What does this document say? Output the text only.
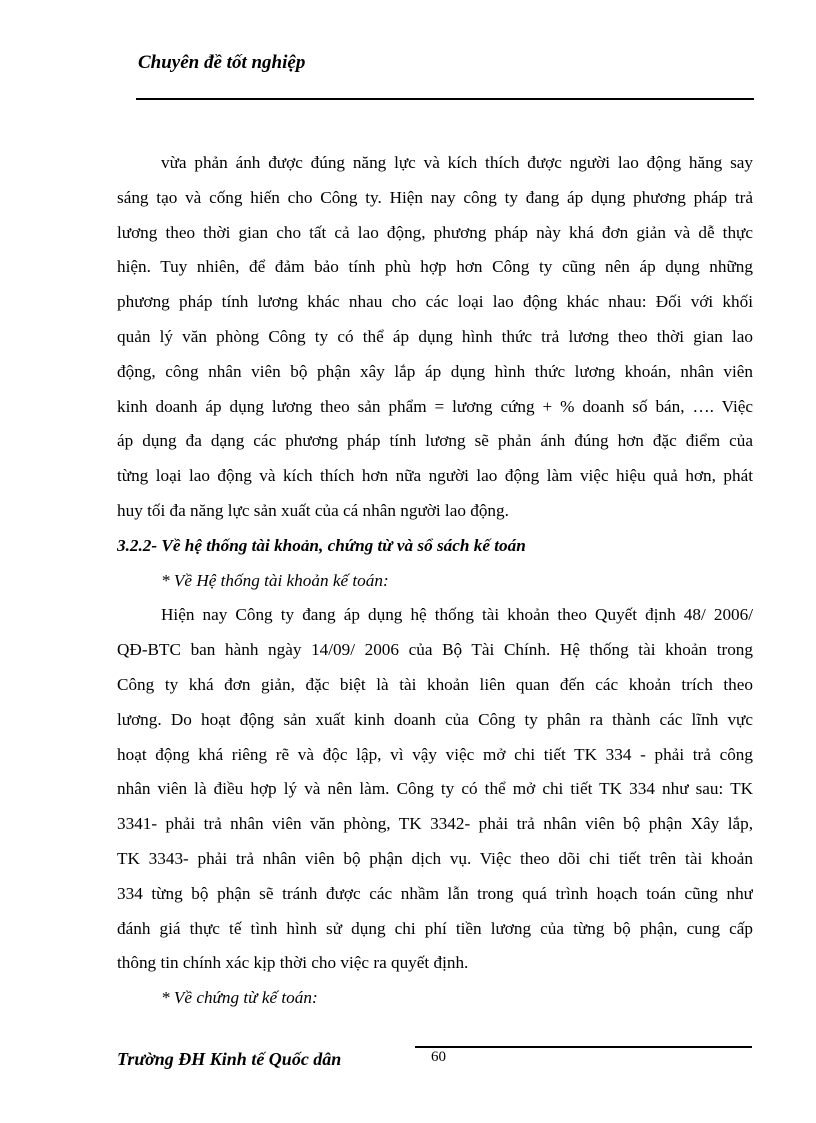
Chuyên đề tốt nghiệp
vừa phản ánh được đúng năng lực và kích thích được người lao động hăng say
sáng tạo và cống hiến cho Công ty. Hiện nay công ty đang áp dụng phương pháp trả
lương theo thời gian cho tất cả lao động, phương pháp này khá đơn giản và dễ thực
hiện. Tuy nhiên, để đảm bảo tính phù hợp hơn Công ty cũng nên áp dụng những
phương pháp tính lương khác nhau cho các loại lao động khác nhau: Đối với khối
quản lý văn phòng Công ty có thể áp dụng hình thức trả lương theo thời gian lao
động, công nhân viên bộ phận xây lắp áp dụng hình thức lương khoán, nhân viên
kinh doanh áp dụng lương theo sản phẩm = lương cứng + % doanh số bán, …. Việc
áp dụng đa dạng các phương pháp tính lương sẽ phản ánh đúng hơn đặc điểm của
từng loại lao động và kích thích hơn nữa người lao động làm việc hiệu quả hơn, phát
huy tối đa năng lực sản xuất của cá nhân người lao động.
3.2.2- Về hệ thống tài khoản, chứng từ và sổ sách kế toán
* Về Hệ thống tài khoản kế toán:
Hiện nay Công ty đang áp dụng hệ thống tài khoản theo Quyết định 48/ 2006/
QĐ-BTC ban hành ngày 14/09/ 2006 của Bộ Tài Chính. Hệ thống tài khoản trong
Công ty khá đơn giản, đặc biệt là tài khoản liên quan đến các khoản trích theo
lương. Do hoạt động sản xuất kinh doanh của Công ty phân ra thành các lĩnh vực
hoạt động khá riêng rẽ và độc lập, vì vậy việc mở chi tiết TK 334 - phải trả công
nhân viên là điều hợp lý và nên làm. Công ty có thể mở chi tiết TK 334 như sau: TK
3341- phải trả nhân viên văn phòng, TK 3342- phải trả nhân viên bộ phận Xây lắp,
TK 3343- phải trả nhân viên bộ phận dịch vụ. Việc theo dõi chi tiết trên tài khoản
334 từng bộ phận sẽ tránh được các nhầm lẫn trong quá trình hoạch toán cũng như
đánh giá thực tế tình hình sử dụng chi phí tiền lương của từng bộ phận, cung cấp
thông tin chính xác kịp thời cho việc ra quyết định.
* Về chứng từ kế toán:
Trường ĐH Kinh tế Quốc dân	60
